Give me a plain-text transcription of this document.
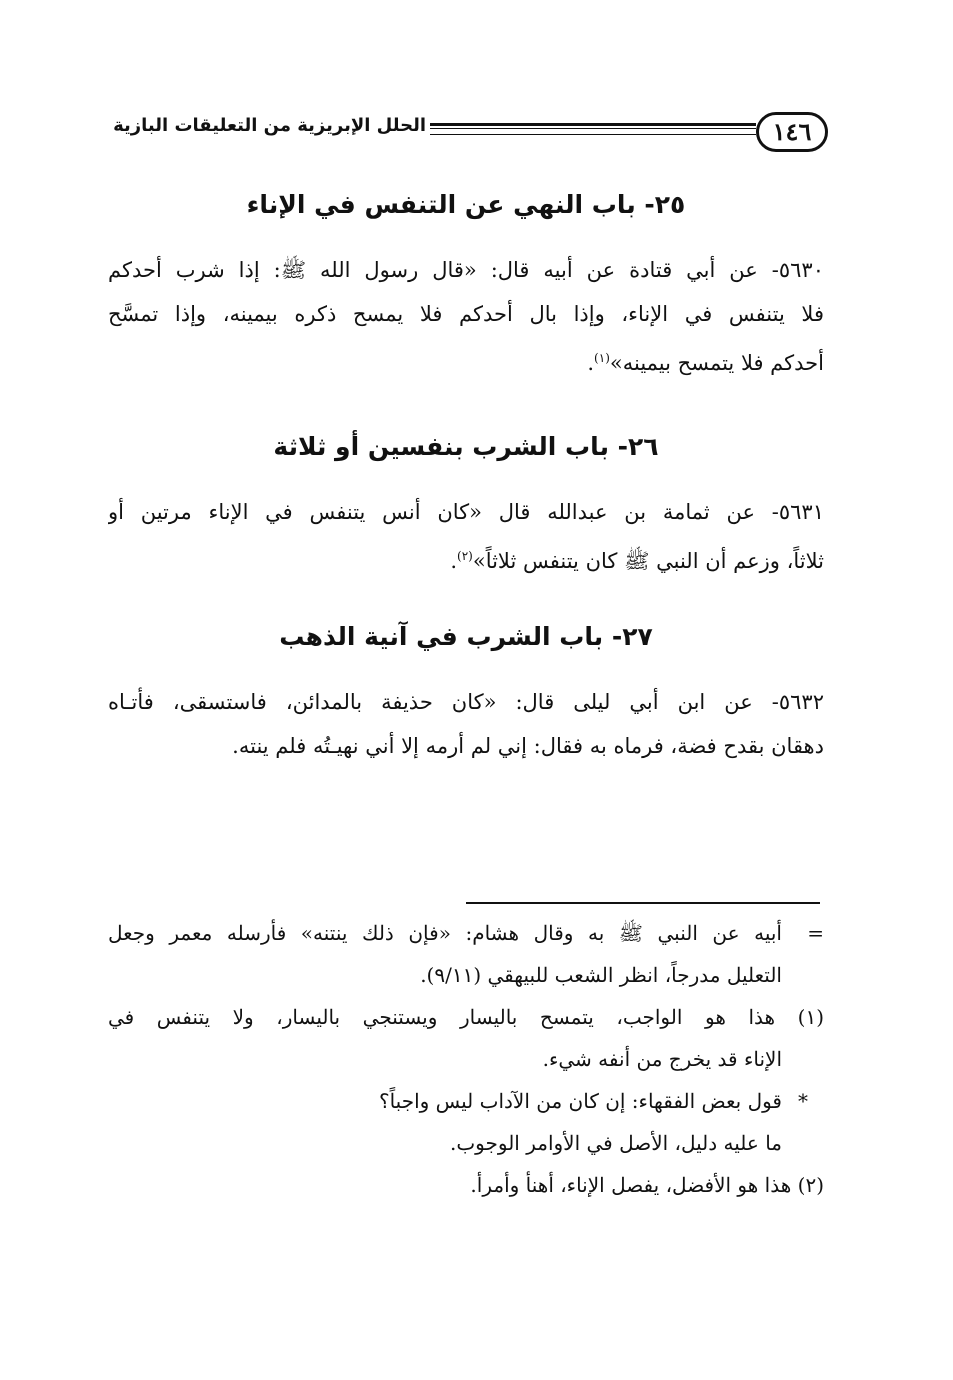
١٤٦
الحلل الإبريزية من التعليقات البازية
٢٥- باب النهي عن التنفس في الإناء
٥٦٣٠- عن أبي قتادة عن أبيه قال: «قال رسول الله ﷺ: إذا شرب أحدكم
فلا يتنفس في الإناء، وإذا بال أحدكم فلا يمسح ذكره بيمينه، وإذا تمسَّح
أحدكم فلا يتمسح بيمينه»$^{(١)}$.
٢٦- باب الشرب بنفسين أو ثلاثة
٥٦٣١- عن ثمامة بن عبدالله قال «كان أنس يتنفس في الإناء مرتين أو
ثلاثاً، وزعم أن النبي ﷺ كان يتنفس ثلاثاً»$^{(٢)}$.
٢٧- باب الشرب في آنية الذهب
٥٦٣٢- عن ابن أبي ليلى قال: «كان حذيفة بالمدائن، فاستسقى، فأتـاه
دهقان بقدح فضة، فرماه به فقال: إني لم أرمه إلا أني نهيـتُه فلم ينته.
=أبيه عن النبي ﷺ به وقال هشام: «فإن ذلك ينتنه» فأرسله معمر وجعل
التعليل مدرجاً، انظر الشعب للبيهقي (٩/١١).
(١) هذا هو الواجب، يتمسح باليسار ويستنجي باليسار، ولا يتنفس في
الإناء قد يخرج من أنفه شيء.
*قول بعض الفقهاء: إن كان من الآداب ليس واجباً؟
ما عليه دليل، الأصل في الأوامر الوجوب.
(٢) هذا هو الأفضل، يفصل الإناء، أهنأ وأمرأ.
